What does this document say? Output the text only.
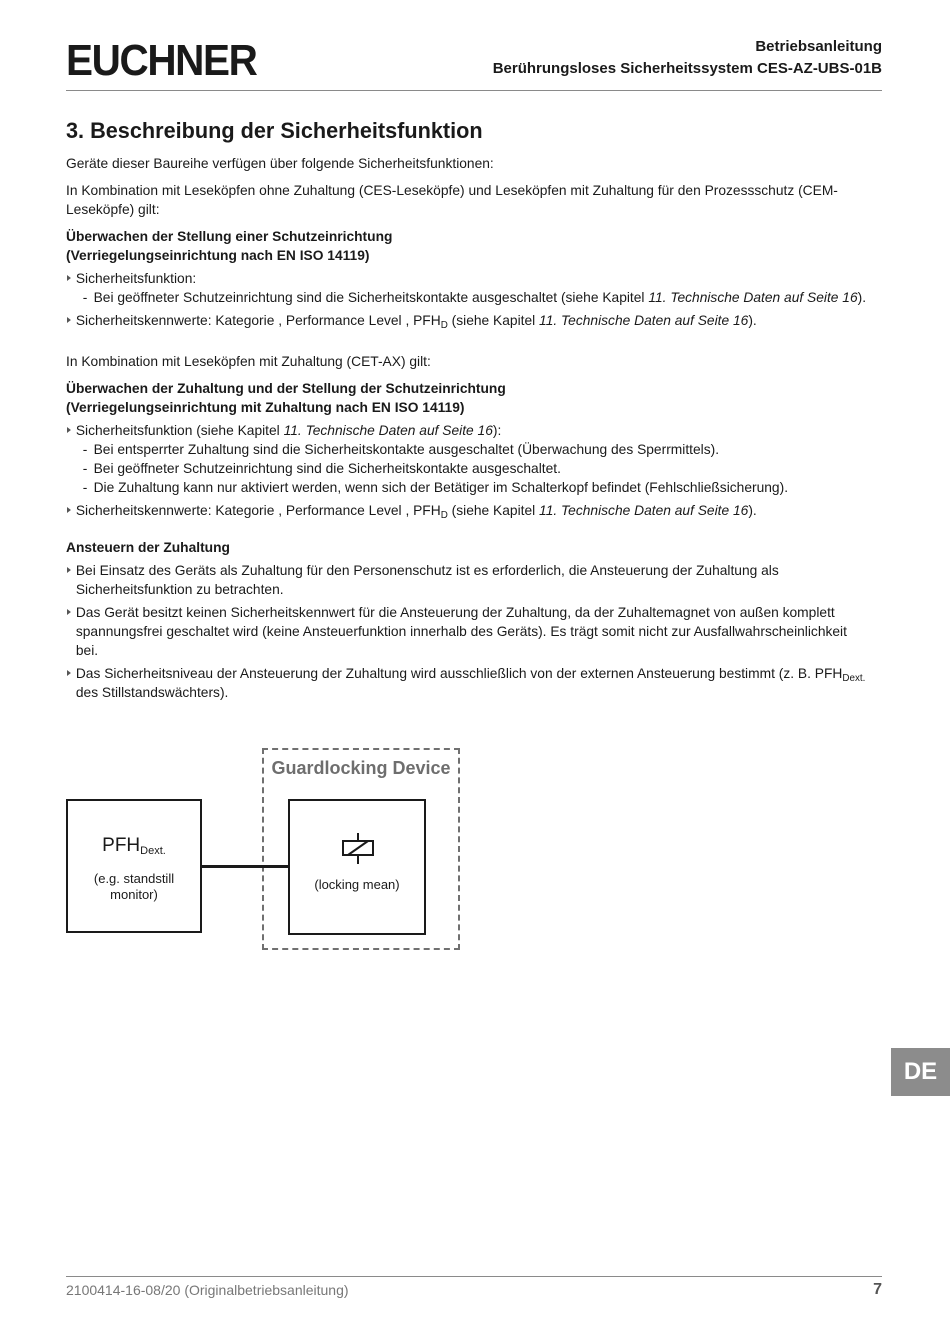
EUCHNER	Betriebsanleitung
Berührungsloses Sicherheitssystem CES-AZ-UBS-01B
3. Beschreibung der Sicherheitsfunktion

Geräte dieser Baureihe verfügen über folgende Sicherheitsfunktionen:

In Kombination mit Leseköpfen ohne Zuhaltung (CES-Leseköpfe) und Leseköpfen mit Zuhaltung für den Prozessschutz (CEM-Leseköpfe) gilt:

Überwachen der Stellung einer Schutzeinrichtung
(Verriegelungseinrichtung nach EN ISO 14119)
Sicherheitsfunktion:
- Bei geöffneter Schutzeinrichtung sind die Sicherheitskontakte ausgeschaltet (siehe Kapitel 11. Technische Daten auf Seite 16).
Sicherheitskennwerte: Kategorie , Performance Level , $PFH_D$ (siehe Kapitel 11. Technische Daten auf Seite 16).

In Kombination mit Leseköpfen mit Zuhaltung (CET-AX) gilt:

Überwachen der Zuhaltung und der Stellung der Schutzeinrichtung
(Verriegelungseinrichtung mit Zuhaltung nach EN ISO 14119)
Sicherheitsfunktion (siehe Kapitel 11. Technische Daten auf Seite 16):
- Bei entsperrter Zuhaltung sind die Sicherheitskontakte ausgeschaltet (Überwachung des Sperrmittels).
- Bei geöffneter Schutzeinrichtung sind die Sicherheitskontakte ausgeschaltet.
- Die Zuhaltung kann nur aktiviert werden, wenn sich der Betätiger im Schalterkopf befindet (Fehlschließsicherung).
Sicherheitskennwerte: Kategorie , Performance Level , $PFH_D$ (siehe Kapitel 11. Technische Daten auf Seite 16).
Ansteuern der Zuhaltung
Bei Einsatz des Geräts als Zuhaltung für den Personenschutz ist es erforderlich, die Ansteuerung der Zuhaltung als Sicherheitsfunktion zu betrachten.
Das Gerät besitzt keinen Sicherheitskennwert für die Ansteuerung der Zuhaltung, da der Zuhaltemagnet von außen komplett spannungsfrei geschaltet wird (keine Ansteuerfunktion innerhalb des Geräts). Es trägt somit nicht zur Ausfallwahrscheinlichkeit bei.
Das Sicherheitsniveau der Ansteuerung der Zuhaltung wird ausschließlich von der externen Ansteuerung bestimmt (z. B. $PFH_{Dext.}$ des Stillstandswächters).
Guardlocking Device
$PFH_{Dext.}$
(e.g. standstill monitor)
(locking mean)
DE
2100414-16-08/20 (Originalbetriebsanleitung)	7
